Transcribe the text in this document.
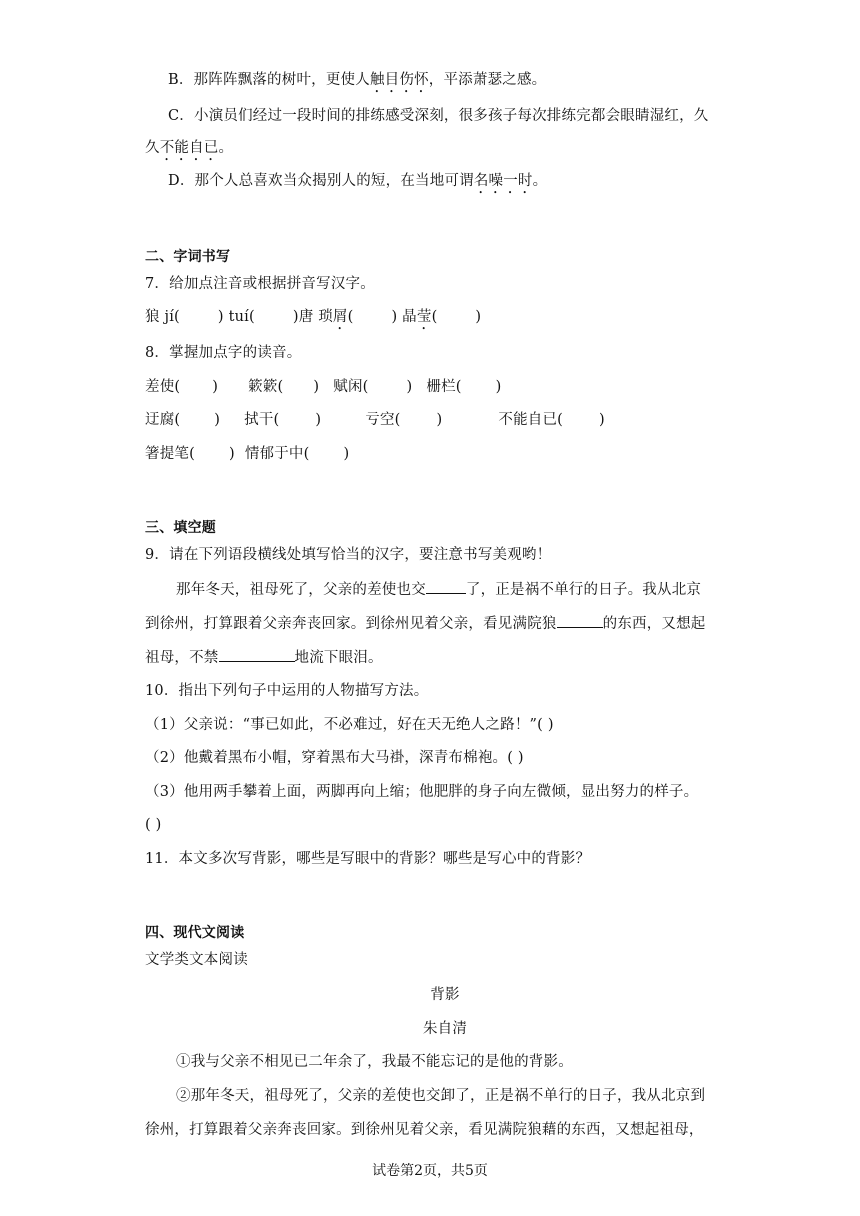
B．那阵阵飘落的树叶，更使人触目伤怀，平添萧瑟之感。
C．小演员们经过一段时间的排练感受深刻，很多孩子每次排练完都会眼睛湿红，久
久不能自已。
D．那个人总喜欢当众揭别人的短，在当地可谓名噪一时。
二、字词书写
7．给加点注音或根据拼音写汉字。
狼 jí(	) tuí(	)唐 琐屑(	) 晶莹(	)
8．掌握加点字的读音。
差使( ) 簌簌( ) 赋闲(	) 栅栏( )
迂腐( ) 拭干( )	亏空( )	不能自已( )
箸提笔( ) 情郁于中( )
三、填空题
9．请在下列语段横线处填写恰当的汉字，要注意书写美观哟！
那年冬天，祖母死了，父亲的差使也交	了，正是祸不单行的日子。我从北京
到徐州，打算跟着父亲奔丧回家。到徐州见着父亲，看见满院狼	的东西，又想起
祖母，不禁	地流下眼泪。
10．指出下列句子中运用的人物描写方法。
（1）父亲说：“事已如此，不必难过，好在天无绝人之路！”( )
（2）他戴着黑布小帽，穿着黑布大马褂，深青布棉袍。( )
（3）他用两手攀着上面，两脚再向上缩；他肥胖的身子向左微倾，显出努力的样子。
( )
11．本文多次写背影，哪些是写眼中的背影？哪些是写心中的背影？
四、现代文阅读
文学类文本阅读
背影
朱自清
①我与父亲不相见已二年余了，我最不能忘记的是他的背影。
②那年冬天，祖母死了，父亲的差使也交卸了，正是祸不单行的日子，我从北京到
徐州，打算跟着父亲奔丧回家。到徐州见着父亲，看见满院狼藉的东西，又想起祖母，
试卷第2页，共5页
